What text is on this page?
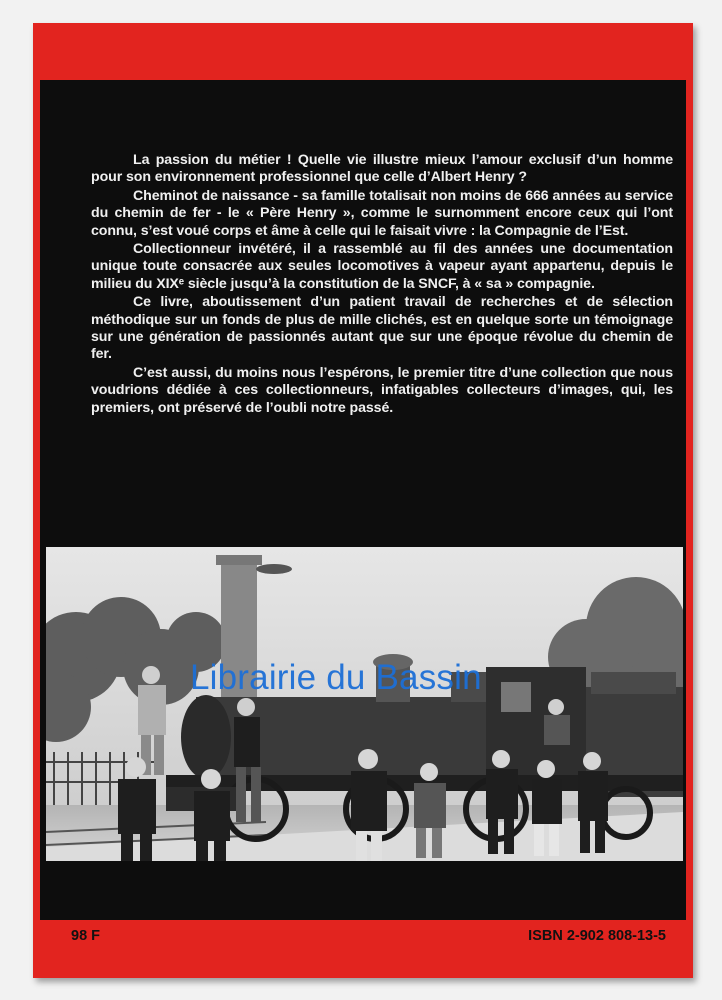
La passion du métier ! Quelle vie illustre mieux l’amour exclusif d’un homme pour son environnement professionnel que celle d’Albert Henry ?

Cheminot de naissance - sa famille totalisait non moins de 666 années au service du chemin de fer - le « Père Henry », comme le surnomment encore ceux qui l’ont connu, s’est voué corps et âme à celle qui le faisait vivre : la Compagnie de l’Est.

Collectionneur invétéré, il a rassemblé au fil des années une documentation unique toute consacrée aux seules locomotives à vapeur ayant appartenu, depuis le milieu du XIXᵉ siècle jusqu’à la constitution de la SNCF, à « sa » compagnie.

Ce livre, aboutissement d’un patient travail de recherches et de sélection méthodique sur un fonds de plus de mille clichés, est en quelque sorte un témoignage sur une génération de passionnés autant que sur une époque révolue du chemin de fer.

C’est aussi, du moins nous l’espérons, le premier titre d’une collection que nous voudrions dédiée à ces collectionneurs, infatigables collecteurs d’images, qui, les premiers, ont préservé de l’oubli notre passé.

Librairie du Bassin
98 F	ISBN 2-902 808-13-5
